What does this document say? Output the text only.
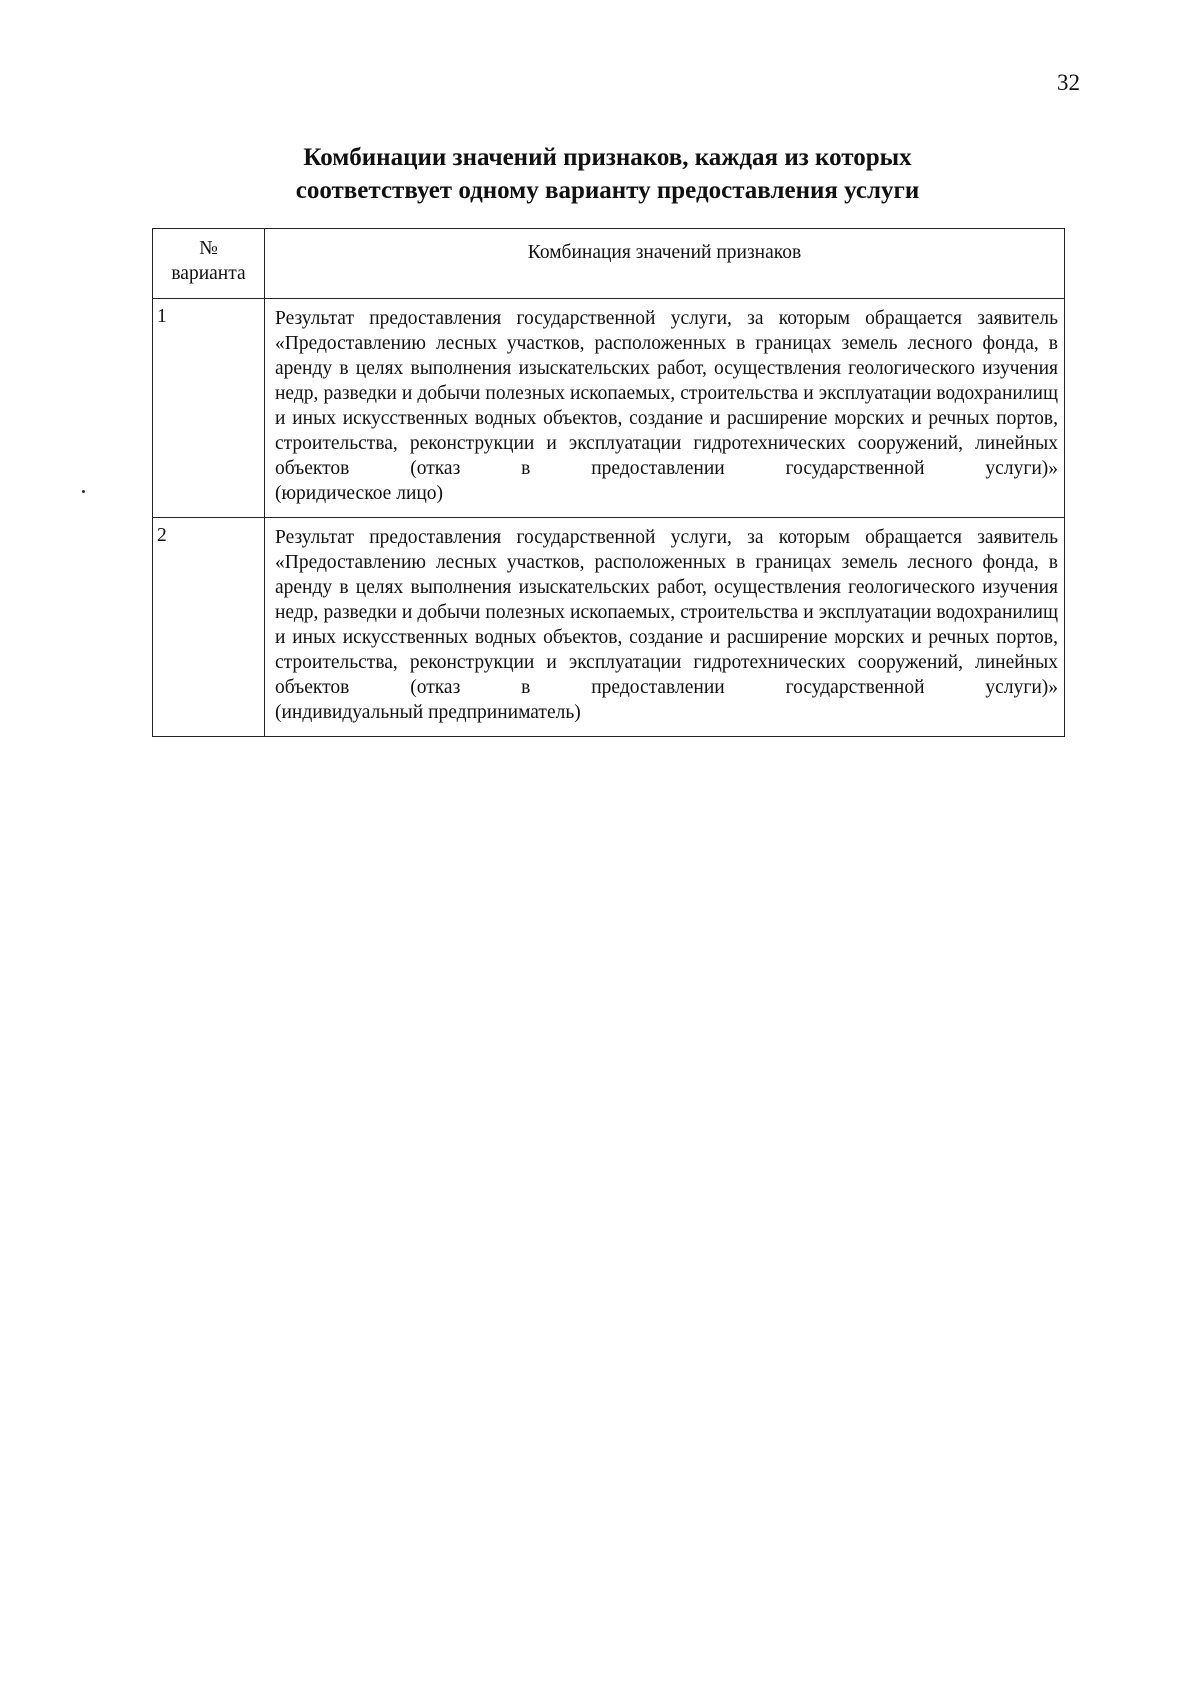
32
Комбинации значений признаков, каждая из которых
соответствует одному варианту предоставления услуги
№
варианта	Комбинация значений признаков
1	Результат предоставления государственной услуги, за которым обращается заявитель «Предоставлению лесных участков, расположенных в границах земель лесного фонда, в аренду в целях выполнения изыскательских работ, осуществления геологического изучения недр, разведки и добычи полезных ископаемых, строительства и эксплуатации водохранилищ и иных искусственных водных объектов, создание и расширение морских и речных портов, строительства, реконструкции и эксплуатации гидротехнических сооружений, линейных объектов (отказ в предоставлении государственной услуги)»
(юридическое лицо)

2	Результат предоставления государственной услуги, за которым обращается заявитель «Предоставлению лесных участков, расположенных в границах земель лесного фонда, в аренду в целях выполнения изыскательских работ, осуществления геологического изучения недр, разведки и добычи полезных ископаемых, строительства и эксплуатации водохранилищ и иных искусственных водных объектов, создание и расширение морских и речных портов, строительства, реконструкции и эксплуатации гидротехнических сооружений, линейных объектов (отказ в предоставлении государственной услуги)»
(индивидуальный предприниматель)
